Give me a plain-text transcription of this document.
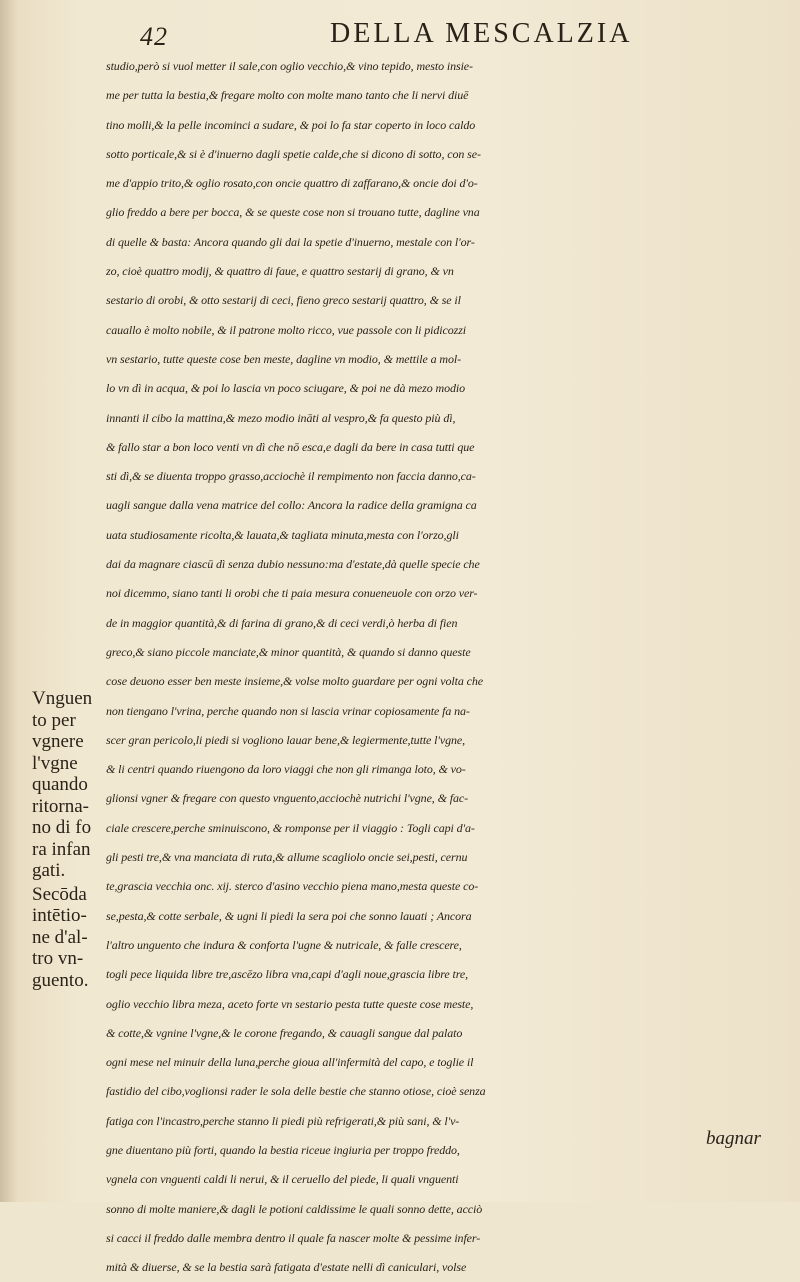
42	DELLA MESCALZIA
Vnguen
to per
vgnere
l'vgne
quando
ritorna-
no di fo
ra infan
gati.
Secōda
intētio-
ne d'al-
tro vn-
guento.
studio,però si vuol metter il sale,con oglio vecchio,& vino tepido, mesto insie-
me per tutta la bestia,& fregare molto con molte mano tanto che li nervi diuē
tino molli,& la pelle incominci a sudare, & poi lo fa star coperto in loco caldo
sotto porticale,& si è d'inuerno dagli spetie calde,che si dicono di sotto, con se-
me d'appio trito,& oglio rosato,con oncie quattro di zaffarano,& oncie doi d'o-
glio freddo a bere per bocca, & se queste cose non si trouano tutte, dagline vna
di quelle & basta: Ancora quando gli dai la spetie d'inuerno, mestale con l'or-
zo, cioè quattro modij, & quattro di faue, e quattro sestarij di grano, & vn
sestario di orobi, & otto sestarij di ceci, fieno greco sestarij quattro, & se il
cauallo è molto nobile, & il patrone molto ricco, vue passole con li pidicozzi
vn sestario, tutte queste cose ben meste, dagline vn modio, & mettile a mol-
lo vn dì in acqua, & poi lo lascia vn poco sciugare, & poi ne dà mezo modio
innanti il cibo la mattina,& mezo modio ināti al vespro,& fa questo più dì,
& fallo star a bon loco venti vn dì che nō esca,e dagli da bere in casa tutti que
sti dì,& se diuenta troppo grasso,acciochè il rempimento non faccia danno,ca-
uagli sangue dalla vena matrice del collo: Ancora la radice della gramigna ca
uata studiosamente ricolta,& lauata,& tagliata minuta,mesta con l'orzo,gli
dai da magnare ciascū dì senza dubio nessuno:ma d'estate,dà quelle specie che
noi dicemmo, siano tanti li orobi che ti paia mesura conueneuole con orzo ver-
de in maggior quantità,& di farina di grano,& di ceci verdi,ò herba di fien
greco,& siano piccole manciate,& minor quantità, & quando si danno queste
cose deuono esser ben meste insieme,& volse molto guardare per ogni volta che
non tiengano l'vrina, perche quando non si lascia vrinar copiosamente fa na-
scer gran pericolo,li piedi si vogliono lauar bene,& legiermente,tutte l'vgne,
& li centri quando riuengono da loro viaggi che non gli rimanga loto, & vo-
glionsi vgner & fregare con questo vnguento,acciochè nutrichi l'vgne, & fac-
ciale crescere,perche sminuiscono, & romponse per il viaggio : Togli capi d'a-
gli pesti tre,& vna manciata di ruta,& allume scagliolo oncie sei,pesti, cernu
te,grascia vecchia onc. xij. sterco d'asino vecchio piena mano,mesta queste co-
se,pesta,& cotte serbale, & ugni li piedi la sera poi che sonno lauati ; Ancora
l'altro unguento che indura & conforta l'ugne & nutricale, & falle crescere,
togli pece liquida libre tre,ascēzo libra vna,capi d'agli noue,grascia libre tre,
oglio vecchio libra meza, aceto forte vn sestario pesta tutte queste cose meste,
& cotte,& vgnine l'vgne,& le corone fregando, & cauagli sangue dal palato
ogni mese nel minuir della luna,perche gioua all'infermità del capo, e toglie il
fastidio del cibo,voglionsi rader le sola delle bestie che stanno otiose, cioè senza
fatiga con l'incastro,perche stanno li piedi più refrigerati,& più sani, & l'v-
gne diuentano più forti, quando la bestia riceue ingiuria per troppo freddo,
vgnela con vnguenti caldi li nerui, & il ceruello del piede, li quali vnguenti
sonno di molte maniere,& dagli le potioni caldissime le quali sonno dette, acciò
si cacci il freddo dalle membra dentro il quale fa nascer molte & pessime infer-
mità & diuerse, & se la bestia sarà fatigata d'estate nelli dì caniculari, volse
bagnar
